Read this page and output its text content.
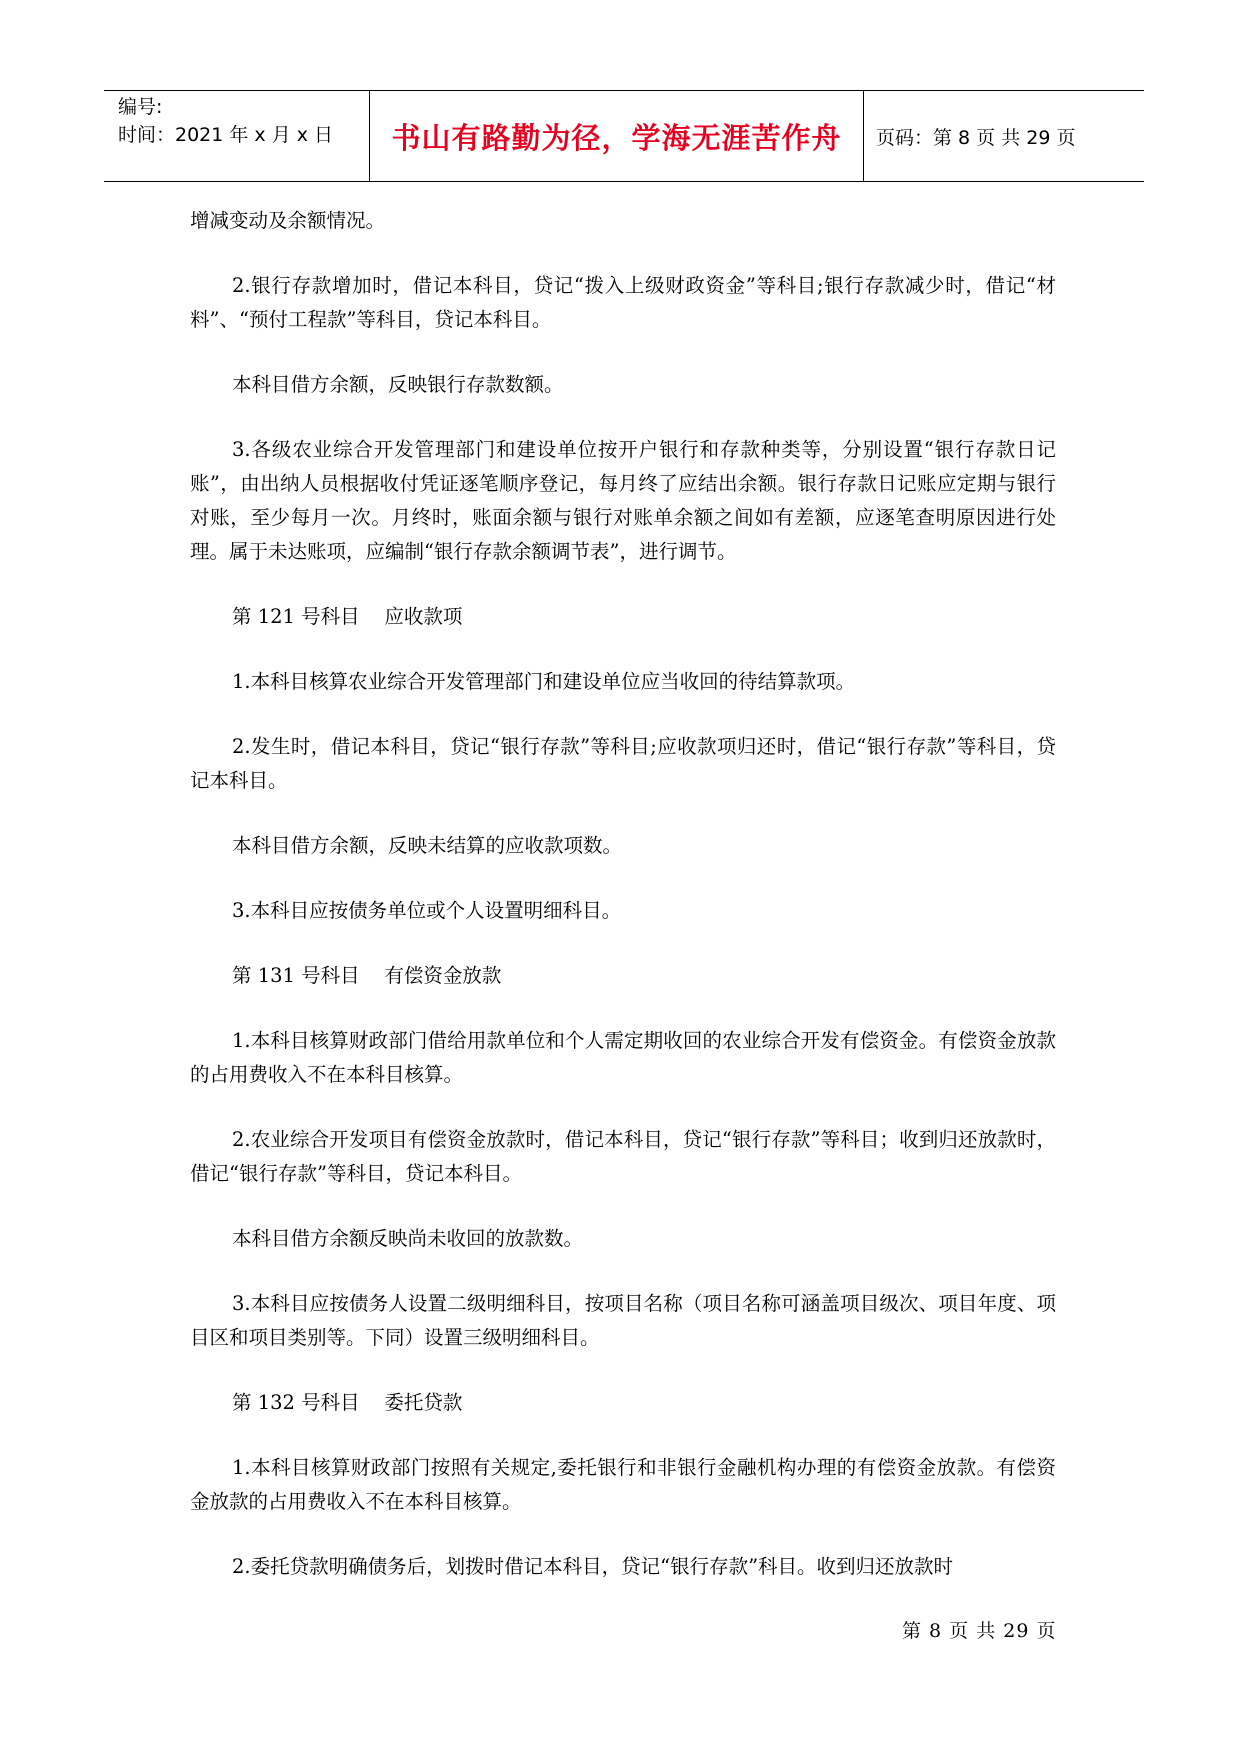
编号:
时间：2021 年 x 月 x 日	书山有路勤为径，学海无涯苦作舟 页码：第 8 页 共 29 页

增减变动及余额情况。

2.银行存款增加时，借记本科目，贷记“拨入上级财政资金”等科目;银行存款减少时，借记“材料”、“预付工程款”等科目，贷记本科目。

本科目借方余额，反映银行存款数额。

3.各级农业综合开发管理部门和建设单位按开户银行和存款种类等，分别设置“银行存款日记账”，由出纳人员根据收付凭证逐笔顺序登记，每月终了应结出余额。银行存款日记账应定期与银行对账，至少每月一次。月终时，账面余额与银行对账单余额之间如有差额，应逐笔查明原因进行处理。属于未达账项，应编制“银行存款余额调节表”，进行调节。

第 121 号科目    应收款项

1.本科目核算农业综合开发管理部门和建设单位应当收回的待结算款项。

2.发生时，借记本科目，贷记“银行存款”等科目;应收款项归还时，借记“银行存款”等科目，贷记本科目。

本科目借方余额，反映未结算的应收款项数。

3.本科目应按债务单位或个人设置明细科目。

第 131 号科目    有偿资金放款

1.本科目核算财政部门借给用款单位和个人需定期收回的农业综合开发有偿资金。有偿资金放款的占用费收入不在本科目核算。

2.农业综合开发项目有偿资金放款时，借记本科目，贷记“银行存款”等科目；收到归还放款时，借记“银行存款”等科目，贷记本科目。

本科目借方余额反映尚未收回的放款数。

3.本科目应按债务人设置二级明细科目，按项目名称（项目名称可涵盖项目级次、项目年度、项目区和项目类别等。下同）设置三级明细科目。

第 132 号科目    委托贷款

1.本科目核算财政部门按照有关规定,委托银行和非银行金融机构办理的有偿资金放款。有偿资金放款的占用费收入不在本科目核算。

2.委托贷款明确债务后，划拨时借记本科目，贷记“银行存款”科目。收到归还放款时

第 8 页 共 29 页
